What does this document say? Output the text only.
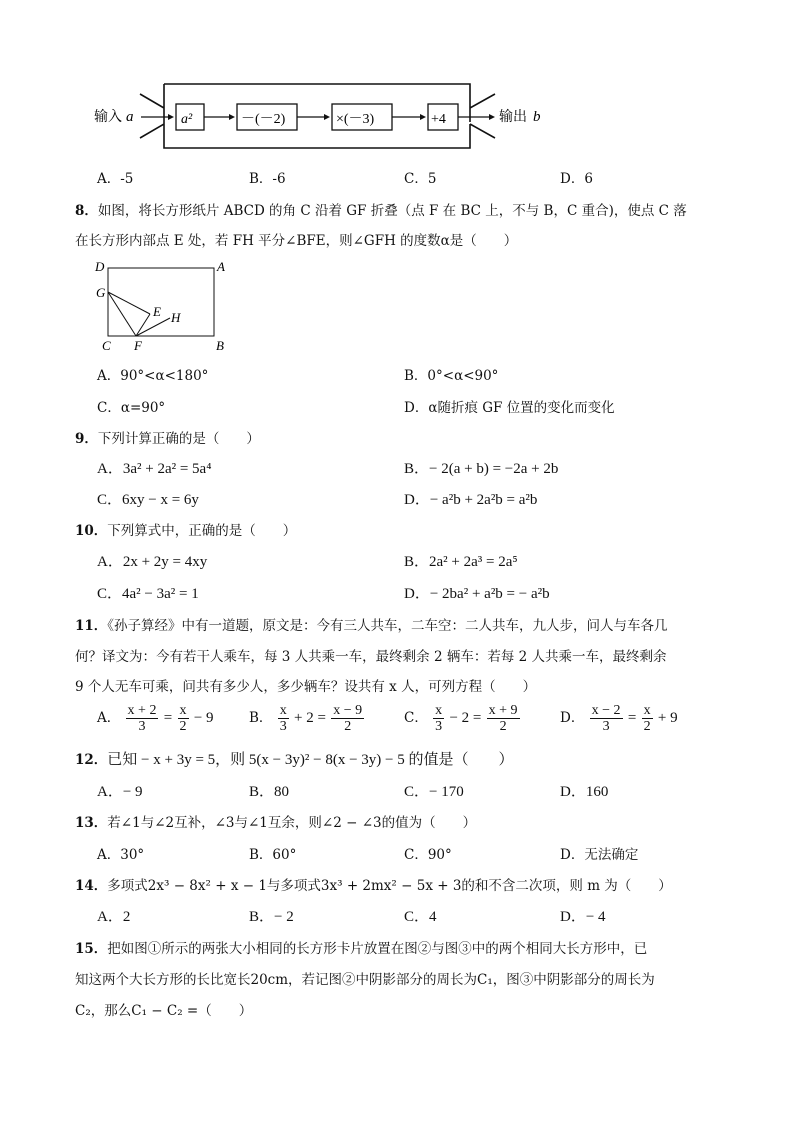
输入 a	a²	－(－2)	×(－3)	+4	输出 b
A．-5	B．-6	C．5	D．6
8．如图，将长方形纸片 ABCD 的角 C 沿着 GF 折叠（点 F 在 BC 上，不与 B，C 重合)，使点 C 落
在长方形内部点 E 处，若 FH 平分∠BFE，则∠GFH 的度数α是（　　）
D	A
G
E H
C F	B
A．90°<α<180°	B．0°<α<90°
C．α=90°	D．α随折痕 GF 位置的变化而变化
9．下列计算正确的是（　　）
A．3a² + 2a² = 5a⁴	B．− 2(a + b) = −2a + 2b
C．6xy − x = 6y	D．− a²b + 2a²b = a²b
10．下列算式中，正确的是（　　）
A．2x + 2y = 4xy	B．2a² + 2a³ = 2a⁵
C．4a² − 3a² = 1	D．− 2ba² + a²b = − a²b
11．《孙子算经》中有一道题，原文是：今有三人共车，二车空：二人共车，九人步，问人与车各几
何？译文为：今有若干人乘车，每 3 人共乘一车，最终剩余 2 辆车：若每 2 人共乘一车，最终剩余
9 个人无车可乘，问共有多少人，多少辆车？设共有 x 人，可列方程（　　）
A． $\frac{x + 2}{3} = \frac{x}{2} - 9$	B． $\frac{x}{3} + 2 = \frac{x - 9}{2}$	C． $\frac{x}{3} - 2 = \frac{x + 9}{2}$	D． $\frac{x - 2}{3} = \frac{x}{2} + 9$
12．已知 − x + 3y = 5，则 5(x − 3y)² − 8(x − 3y) − 5 的值是（　　）
A．− 9	B．80	C．− 170	D．160
13．若∠1与∠2互补，∠3与∠1互余，则∠2 − ∠3的值为（　　）
A．30°	B．60°	C．90°	D．无法确定
14．多项式2x³ − 8x² + x − 1与多项式3x³ + 2mx² − 5x + 3的和不含二次项，则 m 为（　　）
A．2	B．− 2	C．4	D．− 4
15．把如图①所示的两张大小相同的长方形卡片放置在图②与图③中的两个相同大长方形中，已
知这两个大长方形的长比宽长20cm，若记图②中阴影部分的周长为C₁，图③中阴影部分的周长为
C₂，那么C₁ − C₂ =（　　）
